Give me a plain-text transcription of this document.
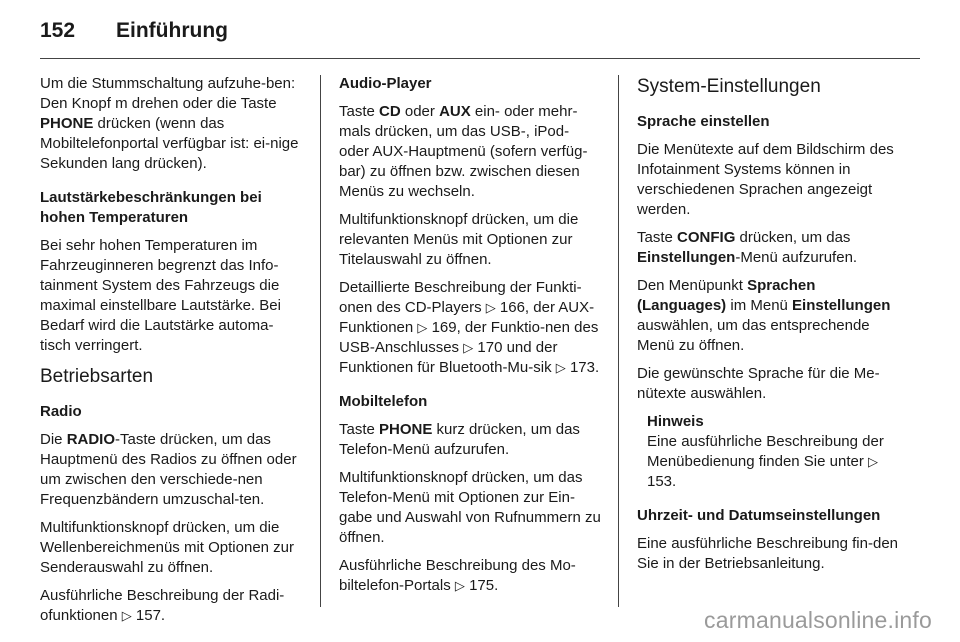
152 Einführung

Um die Stummschaltung aufzuhe-ben: Den Knopf m drehen oder die Taste PHONE drücken (wenn das Mobiltelefonportal verfügbar ist: ei-nige Sekunden lang drücken).

Lautstärkebeschränkungen bei hohen Temperaturen

Bei sehr hohen Temperaturen im Fahrzeuginneren begrenzt das Info-tainment System des Fahrzeugs die maximal einstellbare Lautstärke. Bei Bedarf wird die Lautstärke automa-tisch verringert.

Betriebsarten

Radio

Die RADIO-Taste drücken, um das Hauptmenü des Radios zu öffnen oder um zwischen den verschiede-nen Frequenzbändern umzuschal-ten.

Multifunktionsknopf drücken, um die Wellenbereichmenüs mit Optionen zur Senderauswahl zu öffnen.

Ausführliche Beschreibung der Radi-ofunktionen ▷ 157.

Audio-Player

Taste CD oder AUX ein- oder mehr-mals drücken, um das USB-, iPod- oder AUX-Hauptmenü (sofern verfüg-bar) zu öffnen bzw. zwischen diesen Menüs zu wechseln.

Multifunktionsknopf drücken, um die relevanten Menüs mit Optionen zur Titelauswahl zu öffnen.

Detaillierte Beschreibung der Funkti-onen des CD-Players ▷ 166, der AUX-Funktionen ▷ 169, der Funktio-nen des USB-Anschlusses ▷ 170 und der Funktionen für Bluetooth-Mu-sik ▷ 173.

Mobiltelefon

Taste PHONE kurz drücken, um das Telefon-Menü aufzurufen.

Multifunktionsknopf drücken, um das Telefon-Menü mit Optionen zur Ein-gabe und Auswahl von Rufnummern zu öffnen.

Ausführliche Beschreibung des Mo-biltelefon-Portals ▷ 175.

System-Einstellungen

Sprache einstellen

Die Menütexte auf dem Bildschirm des Infotainment Systems können in verschiedenen Sprachen angezeigt werden.

Taste CONFIG drücken, um das Einstellungen-Menü aufzurufen.

Den Menüpunkt Sprachen (Languages) im Menü Einstellungen auswählen, um das entsprechende Menü zu öffnen.

Die gewünschte Sprache für die Me-nütexte auswählen.

Hinweis
Eine ausführliche Beschreibung der Menübedienung finden Sie unter ▷ 153.

Uhrzeit- und Datumseinstellungen

Eine ausführliche Beschreibung fin-den Sie in der Betriebsanleitung.

carmanualsonline.info
